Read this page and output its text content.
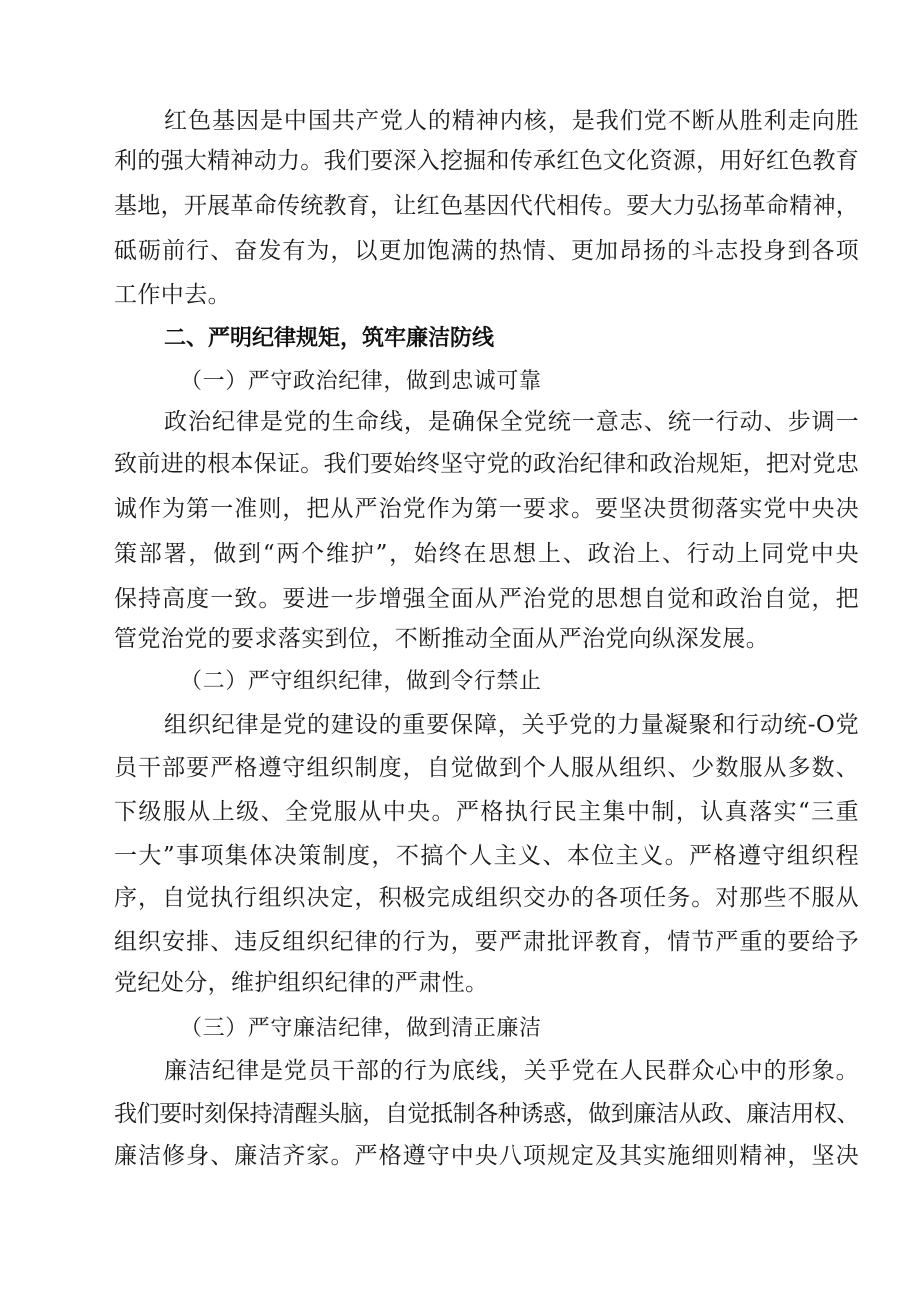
红色基因是中国共产党人的精神内核，是我们党不断从胜利走向胜
利的强大精神动力。我们要深入挖掘和传承红色文化资源，用好红色教育
基地，开展革命传统教育，让红色基因代代相传。要大力弘扬革命精神，
砥砺前行、奋发有为，以更加饱满的热情、更加昂扬的斗志投身到各项
工作中去。
二、严明纪律规矩，筑牢廉洁防线
（一）严守政治纪律，做到忠诚可靠
政治纪律是党的生命线，是确保全党统一意志、统一行动、步调一
致前进的根本保证。我们要始终坚守党的政治纪律和政治规矩，把对党忠
诚作为第一准则，把从严治党作为第一要求。要坚决贯彻落实党中央决
策部署，做到“两个维护”，始终在思想上、政治上、行动上同党中央
保持高度一致。要进一步增强全面从严治党的思想自觉和政治自觉，把
管党治党的要求落实到位，不断推动全面从严治党向纵深发展。
（二）严守组织纪律，做到令行禁止
组织纪律是党的建设的重要保障，关乎党的力量凝聚和行动统-O党
员干部要严格遵守组织制度，自觉做到个人服从组织、少数服从多数、
下级服从上级、全党服从中央。严格执行民主集中制，认真落实“三重
一大”事项集体决策制度，不搞个人主义、本位主义。严格遵守组织程
序，自觉执行组织决定，积极完成组织交办的各项任务。对那些不服从
组织安排、违反组织纪律的行为，要严肃批评教育，情节严重的要给予
党纪处分，维护组织纪律的严肃性。
（三）严守廉洁纪律，做到清正廉洁
廉洁纪律是党员干部的行为底线，关乎党在人民群众心中的形象。
我们要时刻保持清醒头脑，自觉抵制各种诱惑，做到廉洁从政、廉洁用权、
廉洁修身、廉洁齐家。严格遵守中央八项规定及其实施细则精神，坚决
